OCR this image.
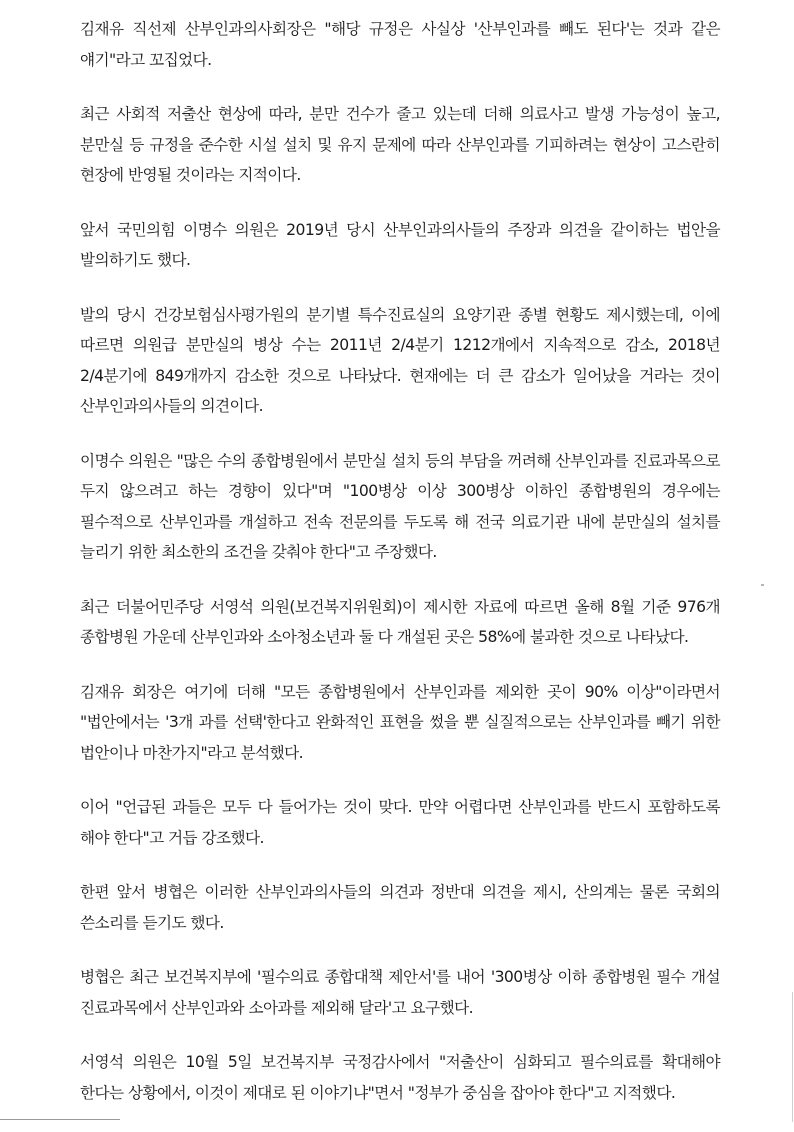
김재유 직선제 산부인과의사회장은 "해당 규정은 사실상 '산부인과를 빼도 된다'는 것과 같은 얘기"라고 꼬집었다.

최근 사회적 저출산 현상에 따라, 분만 건수가 줄고 있는데 더해 의료사고 발생 가능성이 높고, 분만실 등 규정을 준수한 시설 설치 및 유지 문제에 따라 산부인과를 기피하려는 현상이 고스란히 현장에 반영될 것이라는 지적이다.

앞서 국민의힘 이명수 의원은 2019년 당시 산부인과의사들의 주장과 의견을 같이하는 법안을 발의하기도 했다.

발의 당시 건강보험심사평가원의 분기별 특수진료실의 요양기관 종별 현황도 제시했는데, 이에 따르면 의원급 분만실의 병상 수는 2011년 2/4분기 1212개에서 지속적으로 감소, 2018년 2/4분기에 849개까지 감소한 것으로 나타났다. 현재에는 더 큰 감소가 일어났을 거라는 것이 산부인과의사들의 의견이다.

이명수 의원은 "많은 수의 종합병원에서 분만실 설치 등의 부담을 꺼려해 산부인과를 진료과목으로 두지 않으려고 하는 경향이 있다"며 "100병상 이상 300병상 이하인 종합병원의 경우에는 필수적으로 산부인과를 개설하고 전속 전문의를 두도록 해 전국 의료기관 내에 분만실의 설치를 늘리기 위한 최소한의 조건을 갖춰야 한다"고 주장했다.

최근 더불어민주당 서영석 의원(보건복지위원회)이 제시한 자료에 따르면 올해 8월 기준 976개 종합병원 가운데 산부인과와 소아청소년과 둘 다 개설된 곳은 58%에 불과한 것으로 나타났다.

김재유 회장은 여기에 더해 "모든 종합병원에서 산부인과를 제외한 곳이 90% 이상"이라면서 "법안에서는 '3개 과를 선택'한다고 완화적인 표현을 썼을 뿐 실질적으로는 산부인과를 빼기 위한 법안이나 마찬가지"라고 분석했다.

이어 "언급된 과들은 모두 다 들어가는 것이 맞다. 만약 어렵다면 산부인과를 반드시 포함하도록 해야 한다"고 거듭 강조했다.

한편 앞서 병협은 이러한 산부인과의사들의 의견과 정반대 의견을 제시, 산의계는 물론 국회의 쓴소리를 듣기도 했다.

병협은 최근 보건복지부에 '필수의료 종합대책 제안서'를 내어 '300병상 이하 종합병원 필수 개설 진료과목에서 산부인과와 소아과를 제외해 달라'고 요구했다.

서영석 의원은 10월 5일 보건복지부 국정감사에서 "저출산이 심화되고 필수의료를 확대해야 한다는 상황에서, 이것이 제대로 된 이야기냐"면서 "정부가 중심을 잡아야 한다"고 지적했다.
